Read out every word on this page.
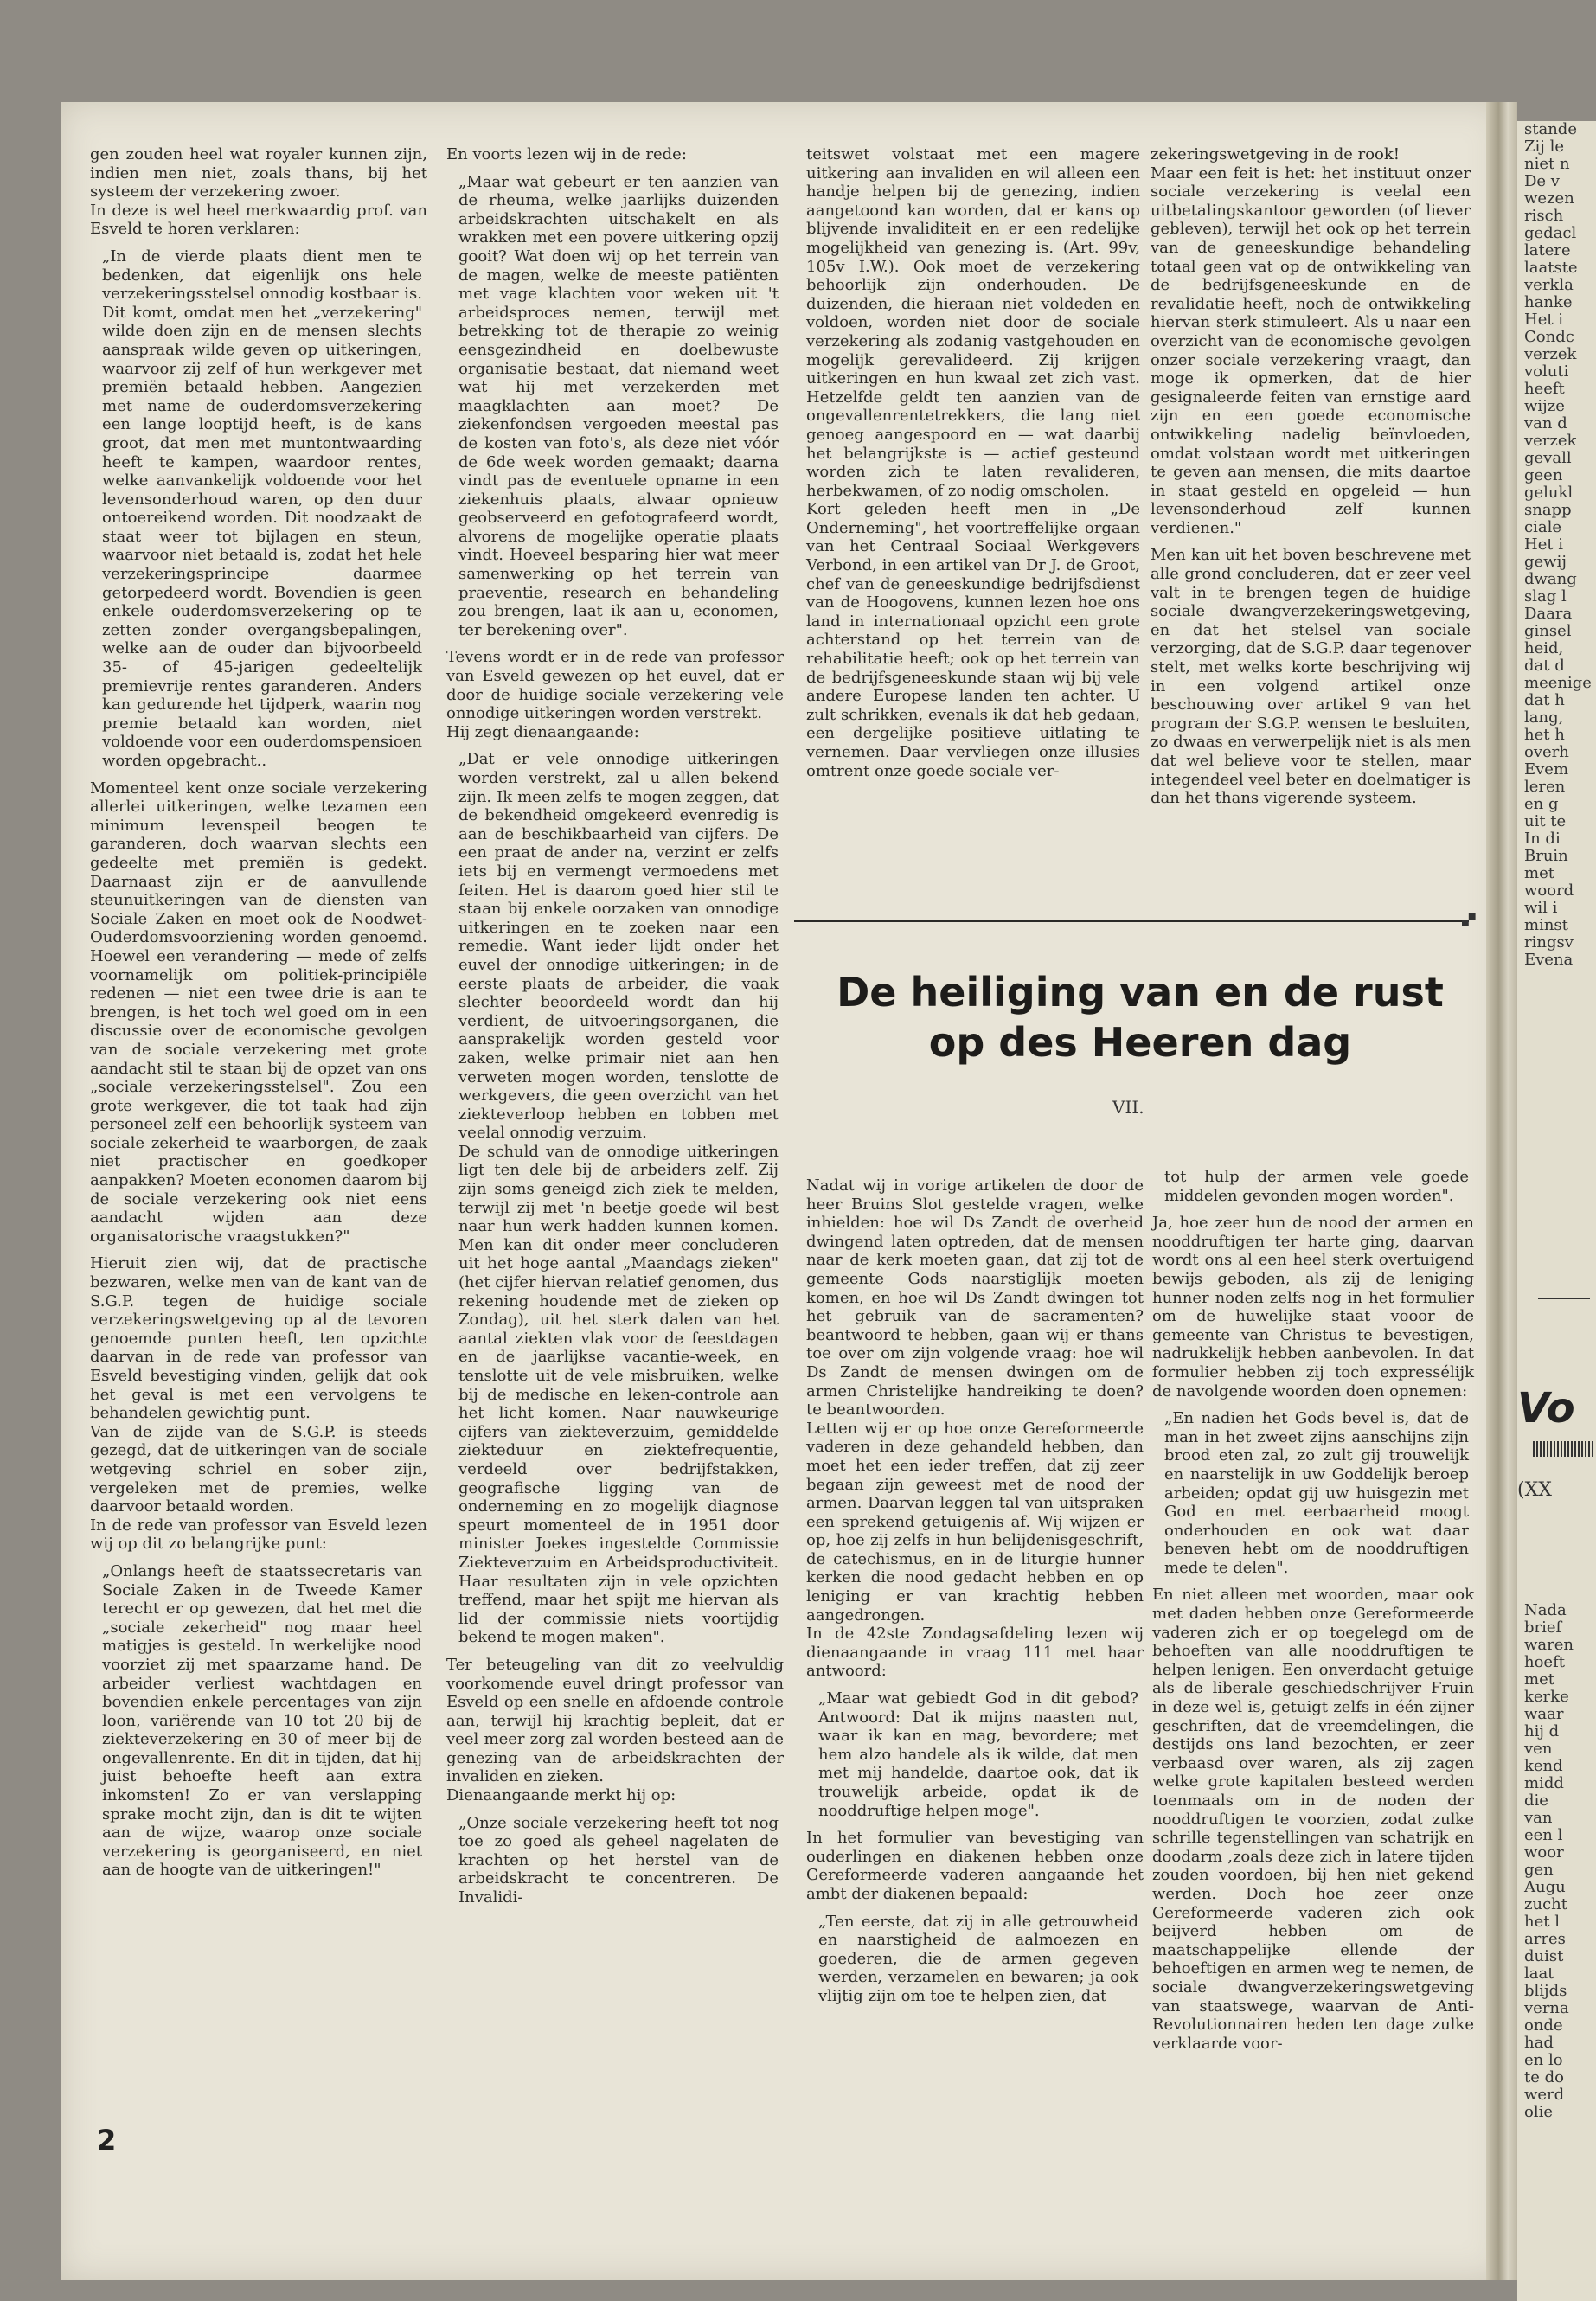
gen zouden heel wat royaler kunnen zijn, indien men niet, zoals thans, bij het systeem der verzekering zwoer.
In deze is wel heel merkwaardig prof. van Esveld te horen verklaren:

„In de vierde plaats dient men te bedenken, dat eigenlijk ons hele verzekeringsstelsel onnodig kostbaar is. Dit komt, omdat men het „verzekering" wilde doen zijn en de mensen slechts aanspraak wilde geven op uitkeringen, waarvoor zij zelf of hun werkgever met premiën betaald hebben. Aangezien met name de ouderdomsverzekering een lange looptijd heeft, is de kans groot, dat men met muntontwaarding heeft te kampen, waardoor rentes, welke aanvankelijk voldoende voor het levensonderhoud waren, op den duur ontoereikend worden. Dit noodzaakt de staat weer tot bijlagen en steun, waarvoor niet betaald is, zodat het hele verzekeringsprincipe daarmee getorpedeerd wordt. Bovendien is geen enkele ouderdomsverzekering op te zetten zonder overgangsbepalingen, welke aan de ouder dan bijvoorbeeld 35- of 45-jarigen gedeeltelijk premievrije rentes garanderen. Anders kan gedurende het tijdperk, waarin nog premie betaald kan worden, niet voldoende voor een ouderdomspensioen worden opgebracht..

Momenteel kent onze sociale verzekering allerlei uitkeringen, welke tezamen een minimum levenspeil beogen te garanderen, doch waarvan slechts een gedeelte met premiën is gedekt. Daarnaast zijn er de aanvullende steunuitkeringen van de diensten van Sociale Zaken en moet ook de Noodwet-Ouderdomsvoorziening worden genoemd. Hoewel een verandering — mede of zelfs voornamelijk om politiek-principiële redenen — niet een twee drie is aan te brengen, is het toch wel goed om in een discussie over de economische gevolgen van de sociale verzekering met grote aandacht stil te staan bij de opzet van ons „sociale verzekeringsstelsel". Zou een grote werkgever, die tot taak had zijn personeel zelf een behoorlijk systeem van sociale zekerheid te waarborgen, de zaak niet practischer en goedkoper aanpakken? Moeten economen daarom bij de sociale verzekering ook niet eens aandacht wijden aan deze organisatorische vraagstukken?"

Hieruit zien wij, dat de practische bezwaren, welke men van de kant van de S.G.P. tegen de huidige sociale verzekeringswetgeving op al de tevoren genoemde punten heeft, ten opzichte daarvan in de rede van professor van Esveld bevestiging vinden, gelijk dat ook het geval is met een vervolgens te behandelen gewichtig punt.
Van de zijde van de S.G.P. is steeds gezegd, dat de uitkeringen van de sociale wetgeving schriel en sober zijn, vergeleken met de premies, welke daarvoor betaald worden.
In de rede van professor van Esveld lezen wij op dit zo belangrijke punt:

„Onlangs heeft de staatssecretaris van Sociale Zaken in de Tweede Kamer terecht er op gewezen, dat het met die „sociale zekerheid" nog maar heel matigjes is gesteld. In werkelijke nood voorziet zij met spaarzame hand. De arbeider verliest wachtdagen en bovendien enkele percentages van zijn loon, variërende van 10 tot 20 bij de ziekteverzekering en 30 of meer bij de ongevallenrente. En dit in tijden, dat hij juist behoefte heeft aan extra inkomsten! Zo er van verslapping sprake mocht zijn, dan is dit te wijten aan de wijze, waarop onze sociale verzekering is georganiseerd, en niet aan de hoogte van de uitkeringen!"

En voorts lezen wij in de rede:

„Maar wat gebeurt er ten aanzien van de rheuma, welke jaarlijks duizenden arbeidskrachten uitschakelt en als wrakken met een povere uitkering opzij gooit? Wat doen wij op het terrein van de magen, welke de meeste patiënten met vage klachten voor weken uit 't arbeidsproces nemen, terwijl met betrekking tot de therapie zo weinig eensgezindheid en doelbewuste organisatie bestaat, dat niemand weet wat hij met verzekerden met maagklachten aan moet? De ziekenfondsen vergoeden meestal pas de kosten van foto's, als deze niet vóór de 6de week worden gemaakt; daarna vindt pas de eventuele opname in een ziekenhuis plaats, alwaar opnieuw geobserveerd en gefotografeerd wordt, alvorens de mogelijke operatie plaats vindt. Hoeveel besparing hier wat meer samenwerking op het terrein van praeventie, research en behandeling zou brengen, laat ik aan u, economen, ter berekening over".

Tevens wordt er in de rede van professor van Esveld gewezen op het euvel, dat er door de huidige sociale verzekering vele onnodige uitkeringen worden verstrekt.
Hij zegt dienaangaande:

„Dat er vele onnodige uitkeringen worden verstrekt, zal u allen bekend zijn. Ik meen zelfs te mogen zeggen, dat de bekendheid omgekeerd evenredig is aan de beschikbaarheid van cijfers. De een praat de ander na, verzint er zelfs iets bij en vermengt vermoedens met feiten. Het is daarom goed hier stil te staan bij enkele oorzaken van onnodige uitkeringen en te zoeken naar een remedie. Want ieder lijdt onder het euvel der onnodige uitkeringen; in de eerste plaats de arbeider, die vaak slechter beoordeeld wordt dan hij verdient, de uitvoeringsorganen, die aansprakelijk worden gesteld voor zaken, welke primair niet aan hen verweten mogen worden, tenslotte de werkgevers, die geen overzicht van het ziekteverloop hebben en tobben met veelal onnodig verzuim.
De schuld van de onnodige uitkeringen ligt ten dele bij de arbeiders zelf. Zij zijn soms geneigd zich ziek te melden, terwijl zij met 'n beetje goede wil best naar hun werk hadden kunnen komen. Men kan dit onder meer concluderen uit het hoge aantal „Maandags zieken" (het cijfer hiervan relatief genomen, dus rekening houdende met de zieken op Zondag), uit het sterk dalen van het aantal ziekten vlak voor de feestdagen en de jaarlijkse vacantie-week, en tenslotte uit de vele misbruiken, welke bij de medische en leken-controle aan het licht komen. Naar nauwkeurige cijfers van ziekteverzuim, gemiddelde ziekteduur en ziektefrequentie, verdeeld over bedrijfstakken, geografische ligging van de onderneming en zo mogelijk diagnose speurt momenteel de in 1951 door minister Joekes ingestelde Commissie Ziekteverzuim en Arbeidsproductiviteit. Haar resultaten zijn in vele opzichten treffend, maar het spijt me hiervan als lid der commissie niets voortijdig bekend te mogen maken".

Ter beteugeling van dit zo veelvuldig voorkomende euvel dringt professor van Esveld op een snelle en afdoende controle aan, terwijl hij krachtig bepleit, dat er veel meer zorg zal worden besteed aan de genezing van de arbeidskrachten der invaliden en zieken.
Dienaangaande merkt hij op:

„Onze sociale verzekering heeft tot nog toe zo goed als geheel nagelaten de krachten op het herstel van de arbeidskracht te concentreren. De Invalidi-

teitswet volstaat met een magere uitkering aan invaliden en wil alleen een handje helpen bij de genezing, indien aangetoond kan worden, dat er kans op blijvende invaliditeit en er een redelijke mogelijkheid van genezing is. (Art. 99v, 105v I.W.). Ook moet de verzekering behoorlijk zijn onderhouden. De duizenden, die hieraan niet voldeden en voldoen, worden niet door de sociale verzekering als zodanig vastgehouden en mogelijk gerevalideerd. Zij krijgen uitkeringen en hun kwaal zet zich vast. Hetzelfde geldt ten aanzien van de ongevallenrentetrekkers, die lang niet genoeg aangespoord en — wat daarbij het belangrijkste is — actief gesteund worden zich te laten revalideren, herbekwamen, of zo nodig omscholen.
Kort geleden heeft men in „De Onderneming", het voortreffelijke orgaan van het Centraal Sociaal Werkgevers Verbond, in een artikel van Dr J. de Groot, chef van de geneeskundige bedrijfsdienst van de Hoogovens, kunnen lezen hoe ons land in internationaal opzicht een grote achterstand op het terrein van de rehabilitatie heeft; ook op het terrein van de bedrijfsgeneeskunde staan wij bij vele andere Europese landen ten achter. U zult schrikken, evenals ik dat heb gedaan, een dergelijke positieve uitlating te vernemen. Daar vervliegen onze illusies omtrent onze goede sociale ver-

zekeringswetgeving in de rook!
Maar een feit is het: het instituut onzer sociale verzekering is veelal een uitbetalingskantoor geworden (of liever gebleven), terwijl het ook op het terrein van de geneeskundige behandeling totaal geen vat op de ontwikkeling van de bedrijfsgeneeskunde en de revalidatie heeft, noch de ontwikkeling hiervan sterk stimuleert. Als u naar een overzicht van de economische gevolgen onzer sociale verzekering vraagt, dan moge ik opmerken, dat de hier gesignaleerde feiten van ernstige aard zijn en een goede economische ontwikkeling nadelig beïnvloeden, omdat volstaan wordt met uitkeringen te geven aan mensen, die mits daartoe in staat gesteld en opgeleid — hun levensonderhoud zelf kunnen verdienen."

Men kan uit het boven beschrevene met alle grond concluderen, dat er zeer veel valt in te brengen tegen de huidige sociale dwangverzekeringswetgeving, en dat het stelsel van sociale verzorging, dat de S.G.P. daar tegenover stelt, met welks korte beschrijving wij in een volgend artikel onze beschouwing over artikel 9 van het program der S.G.P. wensen te besluiten, zo dwaas en verwerpelijk niet is als men dat wel believe voor te stellen, maar integendeel veel beter en doelmatiger is dan het thans vigerende systeem.

🙾
De heiliging van en de rust op des Heeren dag
VII.

Nadat wij in vorige artikelen de door de heer Bruins Slot gestelde vragen, welke inhielden: hoe wil Ds Zandt de overheid dwingend laten optreden, dat de mensen naar de kerk moeten gaan, dat zij tot de gemeente Gods naarstiglijk moeten komen, en hoe wil Ds Zandt dwingen tot het gebruik van de sacramenten? beantwoord te hebben, gaan wij er thans toe over om zijn volgende vraag: hoe wil Ds Zandt de mensen dwingen om de armen Christelijke handreiking te doen? te beantwoorden.
Letten wij er op hoe onze Gereformeerde vaderen in deze gehandeld hebben, dan moet het een ieder treffen, dat zij zeer begaan zijn geweest met de nood der armen. Daarvan leggen tal van uitspraken een sprekend getuigenis af. Wij wijzen er op, hoe zij zelfs in hun belijdenisgeschrift, de catechismus, en in de liturgie hunner kerken die nood gedacht hebben en op leniging er van krachtig hebben aangedrongen.
In de 42ste Zondagsafdeling lezen wij dienaangaande in vraag 111 met haar antwoord:

„Maar wat gebiedt God in dit gebod? Antwoord: Dat ik mijns naasten nut, waar ik kan en mag, bevordere; met hem alzo handele als ik wilde, dat men met mij handelde, daartoe ook, dat ik trouwelijk arbeide, opdat ik de nooddruftige helpen moge".

In het formulier van bevestiging van ouderlingen en diakenen hebben onze Gereformeerde vaderen aangaande het ambt der diakenen bepaald:

„Ten eerste, dat zij in alle getrouwheid en naarstigheid de aalmoezen en goederen, die de armen gegeven werden, verzamelen en bewaren; ja ook vlijtig zijn om toe te helpen zien, dat

tot hulp der armen vele goede middelen gevonden mogen worden".

Ja, hoe zeer hun de nood der armen en nooddruftigen ter harte ging, daarvan wordt ons al een heel sterk overtuigend bewijs geboden, als zij de leniging hunner noden zelfs nog in het formulier om de huwelijke staat vooor de gemeente van Christus te bevestigen, nadrukkelijk hebben aanbevolen. In dat formulier hebben zij toch expressélijk de navolgende woorden doen opnemen:

„En nadien het Gods bevel is, dat de man in het zweet zijns aanschijns zijn brood eten zal, zo zult gij trouwelijk en naarstelijk in uw Goddelijk beroep arbeiden; opdat gij uw huisgezin met God en met eerbaarheid moogt onderhouden en ook wat daar beneven hebt om de nooddruftigen mede te delen".

En niet alleen met woorden, maar ook met daden hebben onze Gereformeerde vaderen zich er op toegelegd om de behoeften van alle nooddruftigen te helpen lenigen. Een onverdacht getuige als de liberale geschiedschrijver Fruin in deze wel is, getuigt zelfs in één zijner geschriften, dat de vreemdelingen, die destijds ons land bezochten, er zeer verbaasd over waren, als zij zagen welke grote kapitalen besteed werden toenmaals om in de noden der nooddruftigen te voorzien, zodat zulke schrille tegenstellingen van schatrijk en doodarm ,zoals deze zich in latere tijden zouden voordoen, bij hen niet gekend werden. Doch hoe zeer onze Gereformeerde vaderen zich ook beijverd hebben om de maatschappelijke ellende der behoeftigen en armen weg te nemen, de sociale dwangverzekeringswetgeving van staatswege, waarvan de Anti-Revolutionnairen heden ten dage zulke verklaarde voor-

2
stande
Zij le
niet n
De v
wezen
risch
gedacl
latere
laatste
verkla
hanke
Het i
Condc
verzek
voluti
heeft
wijze
van d
verzek
gevall
geen
gelukl
snapp
ciale
Het i
gewij
dwang
slag l
Daara
ginsel
heid,
dat d
meenige
dat h
lang,
het h
overh
Evem
leren
en g
uit te
In di
Bruin
met
woord
wil i
minst
ringsv
Evena
Vo
(XX
Nada
brief
waren
hoeft
met
kerke
waar
hij d
ven
kend
midd
die
van
een l
woor
gen
Augu
zucht
het l
arres
duist
laat
blijds
verna
onde
had
en lo
te do
werd
olie
